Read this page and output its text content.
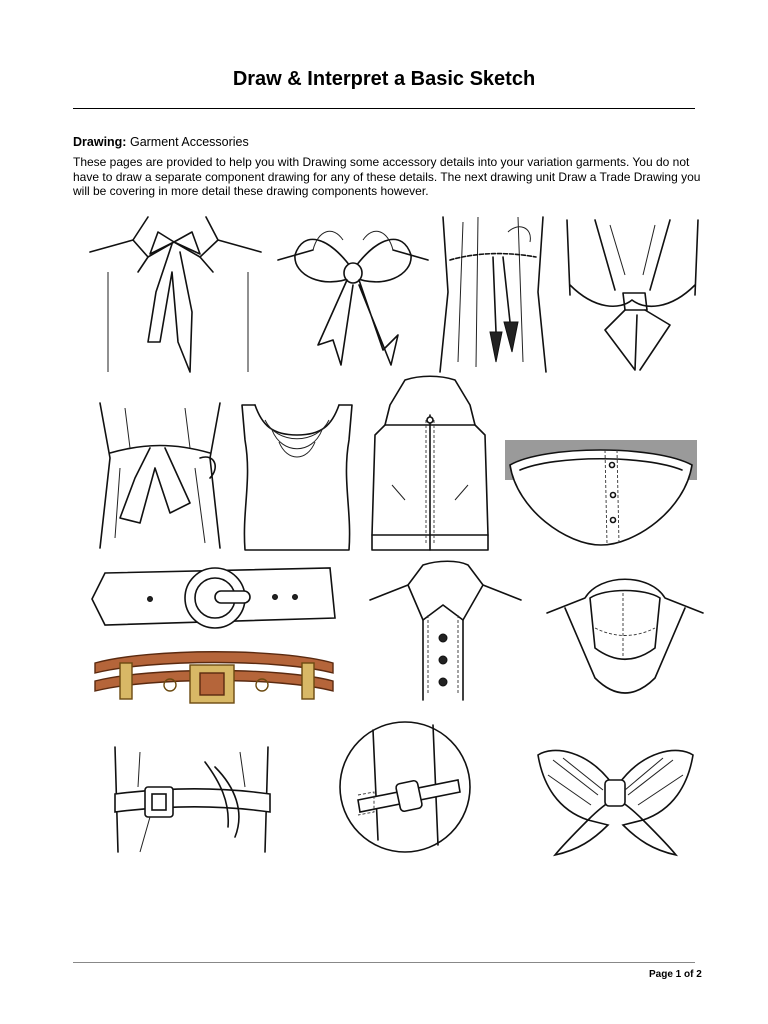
Draw & Interpret a Basic Sketch
Drawing: Garment Accessories
These pages are provided to help you with Drawing some accessory details into your variation garments. You do not have to draw a separate component drawing for any of these details. The next drawing unit Draw a Trade Drawing you will be covering in more detail these drawing components however.
Page 1 of 2
